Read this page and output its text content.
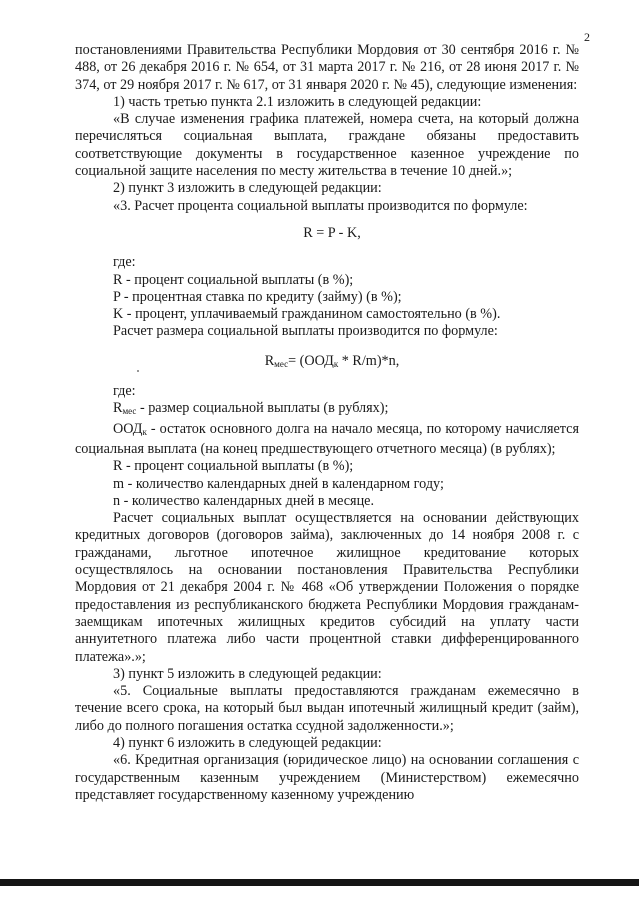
2

постановлениями Правительства Республики Мордовия от 30 сентября 2016 г. № 488, от 26 декабря 2016 г. № 654, от 31 марта 2017 г. № 216, от 28 июня 2017 г. № 374, от 29 ноября 2017 г. № 617, от 31 января 2020 г. № 45), следующие изменения:

1) часть третью пункта 2.1 изложить в следующей редакции:

«В случае изменения графика платежей, номера счета, на который должна перечисляться социальная выплата, граждане обязаны предоставить соответствующие документы в государственное казенное учреждение по социальной защите населения по месту жительства в течение 10 дней.»;

2) пункт 3 изложить в следующей редакции:

«3. Расчет процента социальной выплаты производится по формуле:

R = P - K,

где:

R - процент социальной выплаты (в %);

P - процентная ставка по кредиту (займу) (в %);

K - процент, уплачиваемый гражданином самостоятельно (в %).

Расчет размера социальной выплаты производится по формуле:

$R_{мес}= (ООД_к * R/m)*n$,

где:

$R_{мес}$ - размер социальной выплаты (в рублях);

$ООД_к$ - остаток основного долга на начало месяца, по которому начисляется социальная выплата (на конец предшествующего отчетного месяца) (в рублях);

R - процент социальной выплаты (в %);

m - количество календарных дней в календарном году;

n - количество календарных дней в месяце.

Расчет социальных выплат осуществляется на основании действующих кредитных договоров (договоров займа), заключенных до 14 ноября 2008 г. с гражданами, льготное ипотечное жилищное кредитование которых осуществлялось на основании постановления Правительства Республики Мордовия от 21 декабря 2004 г. № 468 «Об утверждении Положения о порядке предоставления из республиканского бюджета Республики Мордовия гражданам-заемщикам ипотечных жилищных кредитов субсидий на уплату части аннуитетного платежа либо части процентной ставки дифференцированного платежа».»;

3) пункт 5 изложить в следующей редакции:

«5. Социальные выплаты предоставляются гражданам ежемесячно в течение всего срока, на который был выдан ипотечный жилищный кредит (займ), либо до полного погашения остатка ссудной задолженности.»;

4) пункт 6 изложить в следующей редакции:

«6. Кредитная организация (юридическое лицо) на основании соглашения с государственным казенным учреждением (Министерством) ежемесячно представляет государственному казенному учреждению
